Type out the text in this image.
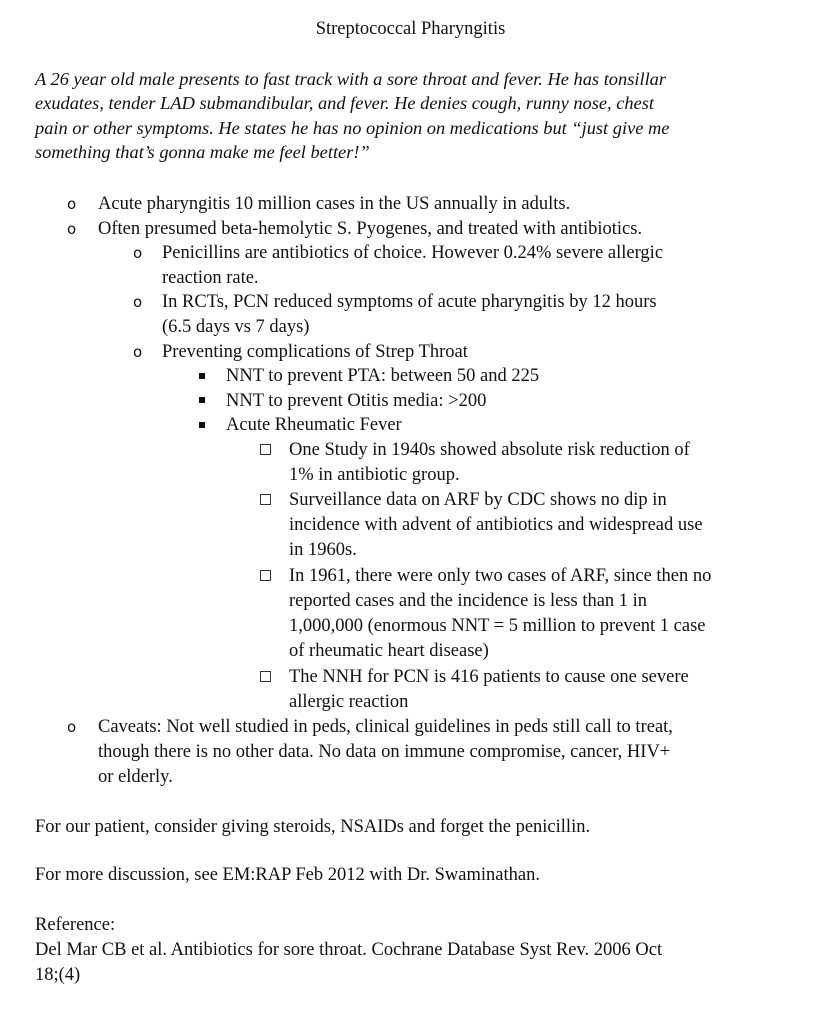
Streptococcal Pharyngitis
A 26 year old male presents to fast track with a sore throat and fever. He has tonsillar
exudates, tender LAD submandibular, and fever. He denies cough, runny nose, chest
pain or other symptoms. He states he has no opinion on medications but “just give me
something that’s gonna make me feel better!”
o Acute pharyngitis 10 million cases in the US annually in adults.
o Often presumed beta-hemolytic S. Pyogenes, and treated with antibiotics.
o Penicillins are antibiotics of choice. However 0.24% severe allergic
reaction rate.
o In RCTs, PCN reduced symptoms of acute pharyngitis by 12 hours
(6.5 days vs 7 days)
o Preventing complications of Strep Throat
NNT to prevent PTA: between 50 and 225
NNT to prevent Otitis media: >200
Acute Rheumatic Fever
One Study in 1940s showed absolute risk reduction of
1% in antibiotic group.
Surveillance data on ARF by CDC shows no dip in
incidence with advent of antibiotics and widespread use
in 1960s.
In 1961, there were only two cases of ARF, since then no
reported cases and the incidence is less than 1 in
1,000,000 (enormous NNT = 5 million to prevent 1 case
of rheumatic heart disease)
The NNH for PCN is 416 patients to cause one severe
allergic reaction
o Caveats: Not well studied in peds, clinical guidelines in peds still call to treat,
though there is no other data. No data on immune compromise, cancer, HIV+
or elderly.
For our patient, consider giving steroids, NSAIDs and forget the penicillin.
For more discussion, see EM:RAP Feb 2012 with Dr. Swaminathan.
Reference:
Del Mar CB et al. Antibiotics for sore throat. Cochrane Database Syst Rev. 2006 Oct
18;(4)
